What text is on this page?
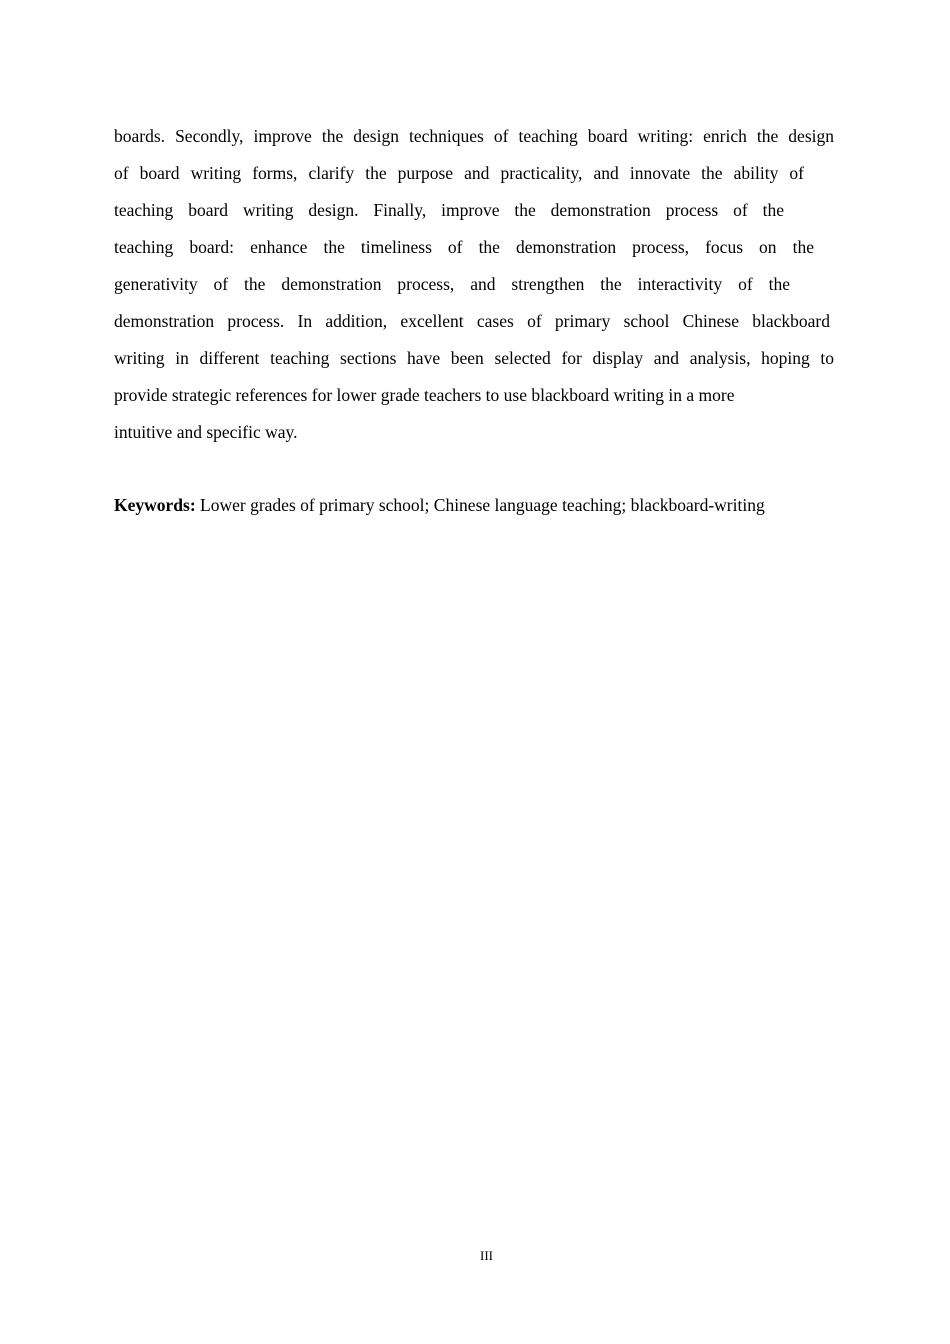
boards. Secondly, improve the design techniques of teaching board writing: enrich the design
of board writing forms, clarify the purpose and practicality, and innovate the ability of
teaching board writing design. Finally, improve the demonstration process of the
teaching board: enhance the timeliness of the demonstration process, focus on the
generativity of the demonstration process, and strengthen the interactivity of the
demonstration process. In addition, excellent cases of primary school Chinese blackboard
writing in different teaching sections have been selected for display and analysis, hoping to
provide strategic references for lower grade teachers to use blackboard writing in a more
intuitive and specific way.
Keywords: Lower grades of primary school; Chinese language teaching; blackboard-writing
III
